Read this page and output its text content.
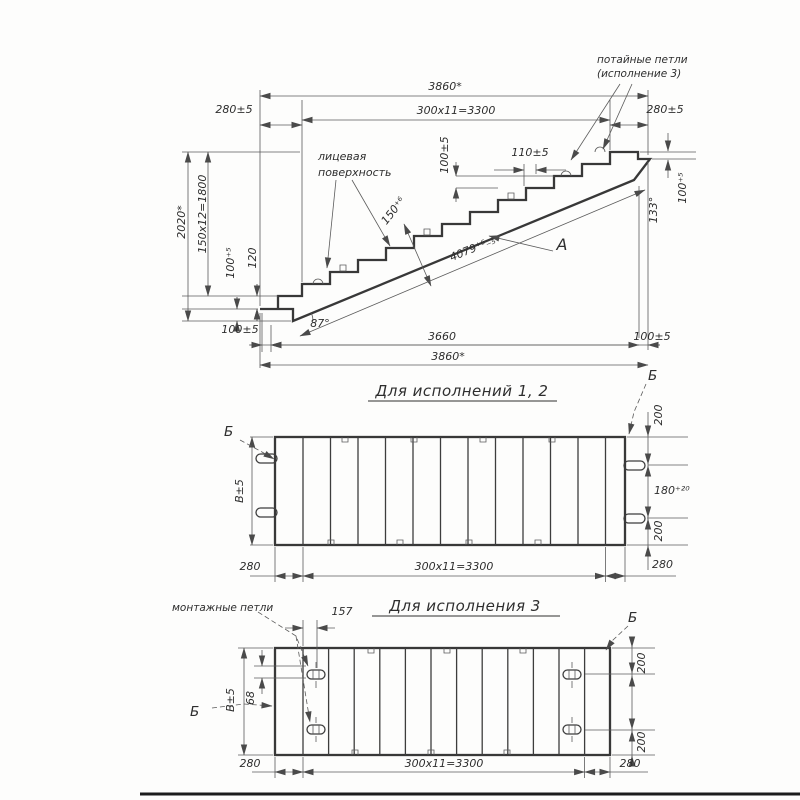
3860*
300x11=3300
280±5	280±5
потайные петли
(исполнение 3)
лицевая
поверхность
110±5
100±5
2020* 150x12=1800
100⁺⁵ 120
100±5	87°
150⁺⁶
4079⁺⁶₋₅	А
133°
100⁺⁵
3660	100±5
3860*
Для исполнений 1, 2
Б
Б
В±5
200
180⁺²⁰
200
280	300x11=3300	280
Для исполнения 3
монтажные петли	157
Б
Б
В±5 68
200
200
280	300x11=3300	280
